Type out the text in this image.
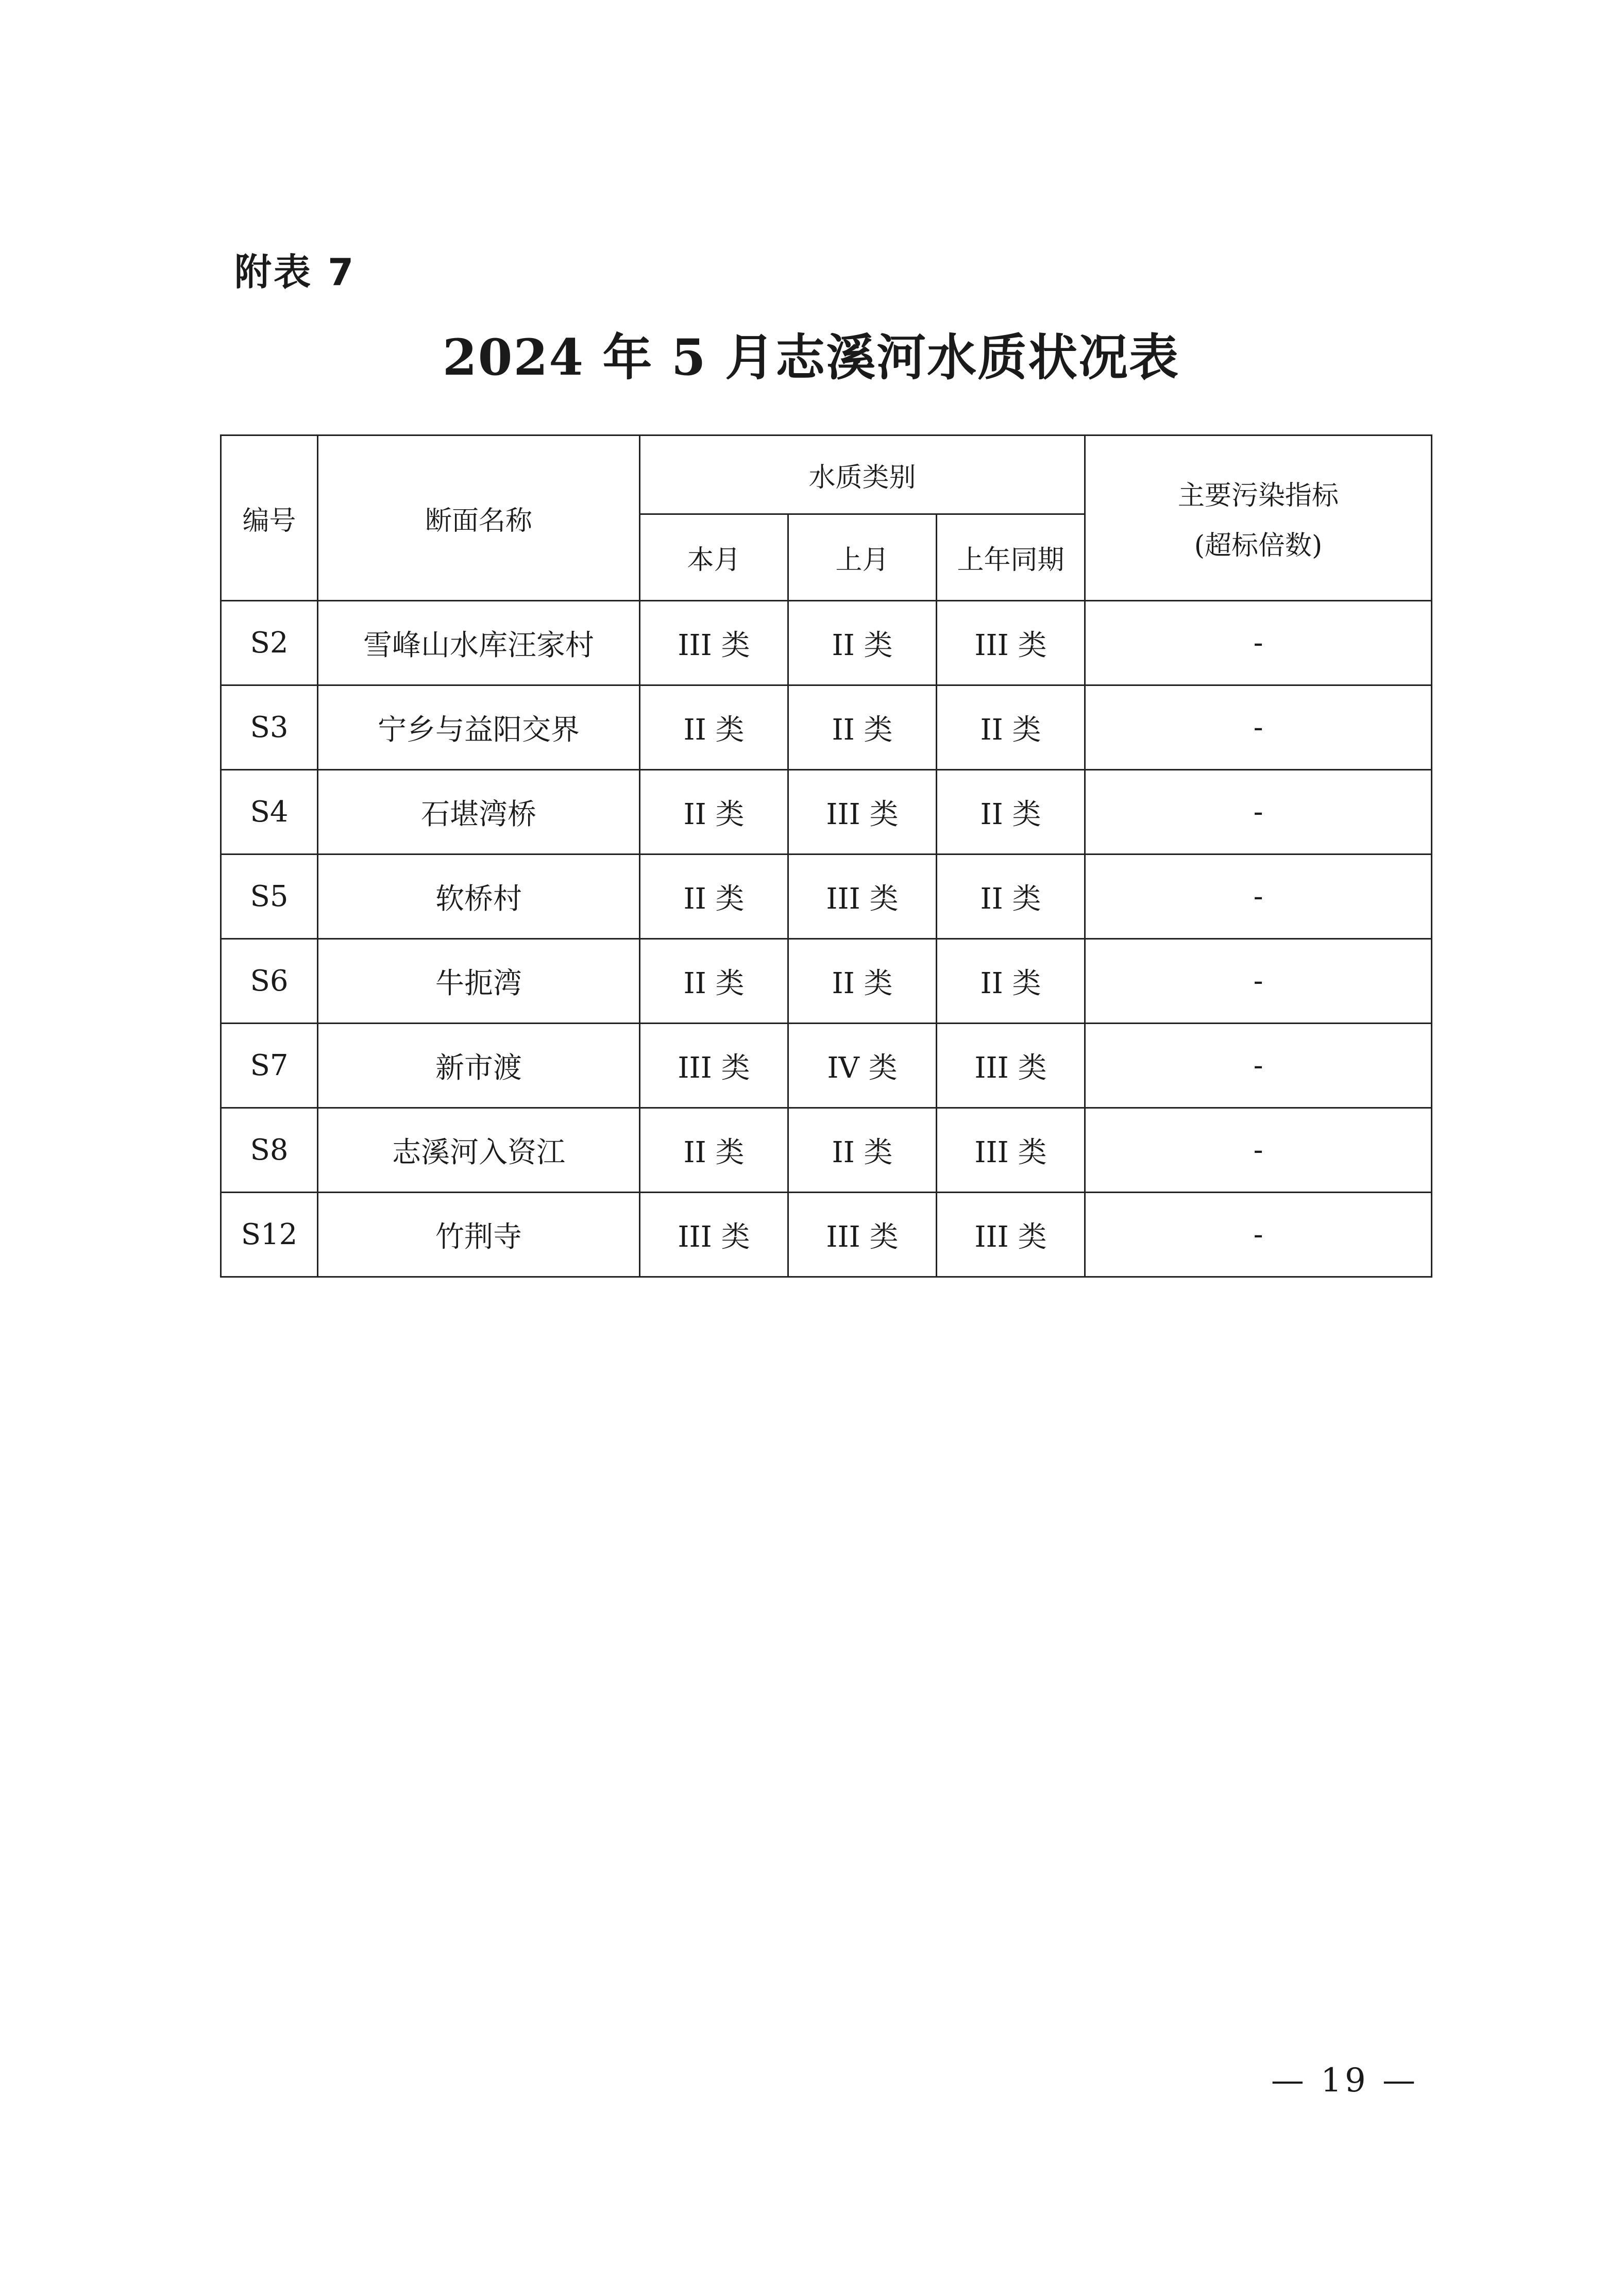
附表 7
2024 年 5 月志溪河水质状况表
编号	断面名称	水质类别			主要污染指标
(超标倍数)

		本月	上月	上年同期	
S2	雪峰山水库汪家村	III 类	II 类	III 类	-
S3	宁乡与益阳交界	II 类	II 类	II 类	-
S4	石堪湾桥	II 类	III 类	II 类	-
S5	软桥村	II 类	III 类	II 类	-
S6	牛扼湾	II 类	II 类	II 类	-
S7	新市渡	III 类	IV 类	III 类	-
S8	志溪河入资江	II 类	II 类	III 类	-
S12	竹荆寺	III 类	III 类	III 类	-
— 19 —
